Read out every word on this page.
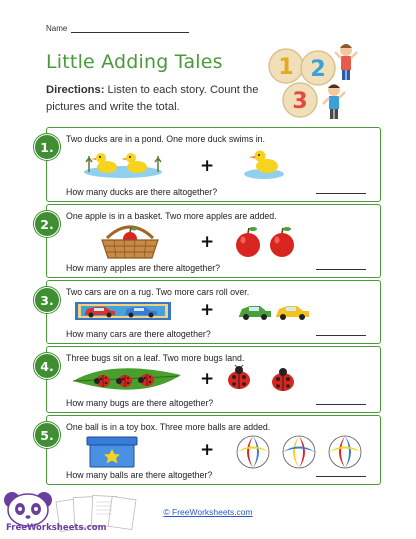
Name
Little Adding Tales
Directions: Listen to each story. Count the pictures and write the total.
1 2
3
1.
Two ducks are in a pond. One more duck swims in.
+
How many ducks are there altogether?
2.
One apple is in a basket. Two more apples are added.
+
How many apples are there altogether?
3.
Two cars are on a rug. Two more cars roll over.
+
How many cars are there altogether?
4.
Three bugs sit on a leaf. Two more bugs land.
+
How many bugs are there altogether?
5.
One ball is in a toy box. Three more balls are added.
+
How many balls are there altogether?
FreeWorksheets.com
© FreeWorksheets.com
